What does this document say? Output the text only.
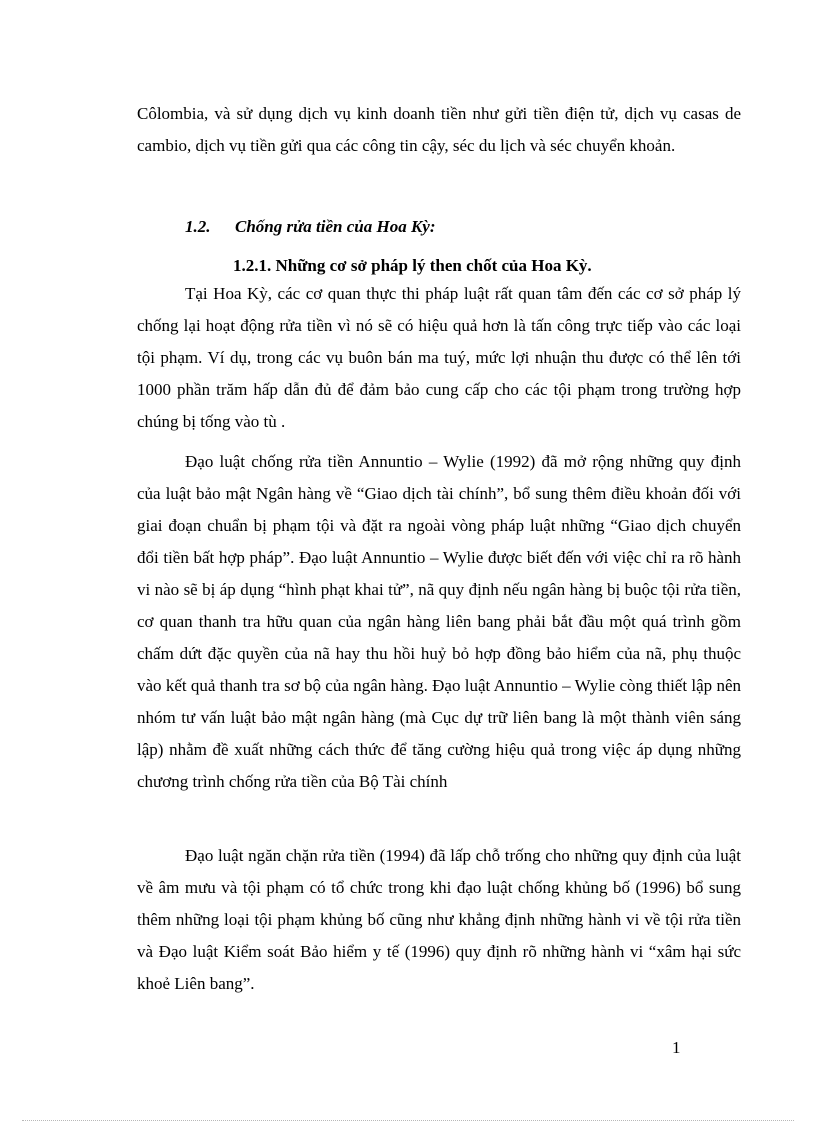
Côlombia, và sử dụng dịch vụ kinh doanh tiền như gửi tiền điện tử, dịch vụ casas de cambio, dịch vụ tiền gửi qua các công tin cậy, séc du lịch và séc chuyển khoản.

1.2. Chống rửa tiền của Hoa Kỳ:
1.2.1. Những cơ sở pháp lý then chốt của Hoa Kỳ.

Tại Hoa Kỳ, các cơ quan thực thi pháp luật rất quan tâm đến các cơ sở pháp lý chống lại hoạt động rửa tiền vì nó sẽ có hiệu quả hơn là tấn công trực tiếp vào các loại tội phạm. Ví dụ, trong các vụ buôn bán ma tuý, mức lợi nhuận thu được có thể lên tới 1000 phần trăm hấp dẫn đủ để đảm bảo cung cấp cho các tội phạm trong trường hợp chúng bị tống vào tù .

Đạo luật chống rửa tiền Annuntio – Wylie (1992) đã mở rộng những quy định của luật bảo mật Ngân hàng về “Giao dịch tài chính”, bổ sung thêm điều khoản đối với giai đoạn chuẩn bị phạm tội và đặt ra ngoài vòng pháp luật những “Giao dịch chuyển đổi tiền bất hợp pháp”. Đạo luật Annuntio – Wylie được biết đến với việc chỉ ra rõ hành vi nào sẽ bị áp dụng “hình phạt khai tử”, nã quy định nếu ngân hàng bị buộc tội rửa tiền, cơ quan thanh tra hữu quan của ngân hàng liên bang phải bắt đầu một quá trình gồm chấm dứt đặc quyền của nã hay thu hồi huỷ bỏ hợp đồng bảo hiểm của nã, phụ thuộc vào kết quả thanh tra sơ bộ của ngân hàng. Đạo luật Annuntio – Wylie còng thiết lập nên nhóm tư vấn luật bảo mật ngân hàng (mà Cục dự trữ liên bang là một thành viên sáng lập) nhằm đề xuất những cách thức để tăng cường hiệu quả trong việc áp dụng những chương trình chống rửa tiền của Bộ Tài chính

Đạo luật ngăn chặn rửa tiền (1994) đã lấp chỗ trống cho những quy định của luật về âm mưu và tội phạm có tổ chức trong khi đạo luật chống khủng bố (1996) bổ sung thêm những loại tội phạm khủng bố cũng như khẳng định những hành vi về tội rửa tiền và Đạo luật Kiểm soát Bảo hiểm y tế (1996) quy định rõ những hành vi “xâm hại sức khoẻ Liên bang”.

1
